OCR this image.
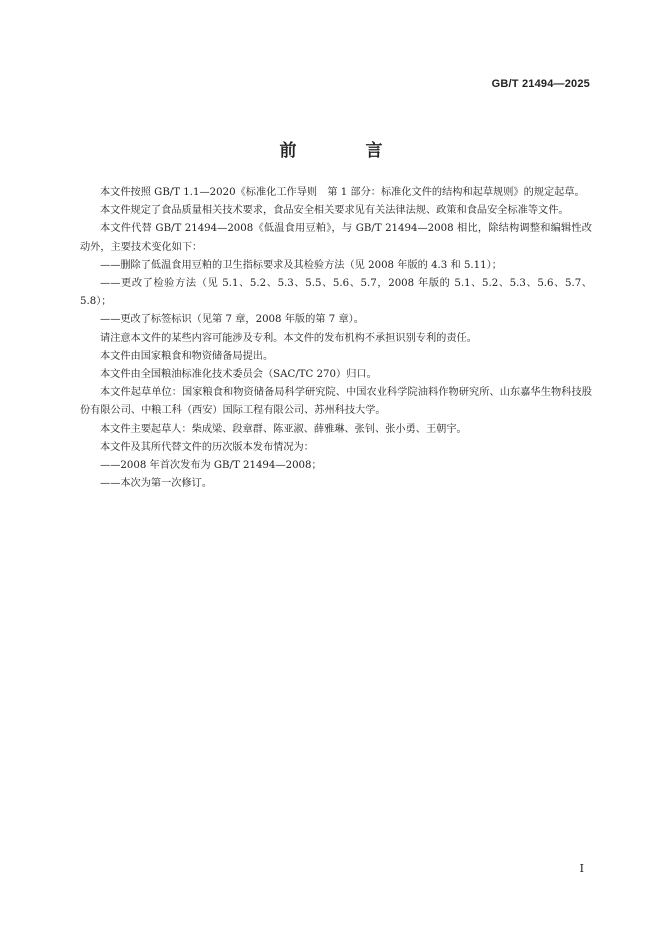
GB/T 21494—2025
前　言

本文件按照 GB/T 1.1—2020《标准化工作导则　第 1 部分：标准化文件的结构和起草规则》的规定起草。

本文件规定了食品质量相关技术要求，食品安全相关要求见有关法律法规、政策和食品安全标准等文件。

本文件代替 GB/T 21494—2008《低温食用豆粕》，与 GB/T 21494—2008 相比，除结构调整和编辑性改动外，主要技术变化如下：

——删除了低温食用豆粕的卫生指标要求及其检验方法（见 2008 年版的 4.3 和 5.11）；

——更改了检验方法（见 5.1、5.2、5.3、5.5、5.6、5.7，2008 年版的 5.1、5.2、5.3、5.6、5.7、5.8）；

——更改了标签标识（见第 7 章，2008 年版的第 7 章）。

请注意本文件的某些内容可能涉及专利。本文件的发布机构不承担识别专利的责任。

本文件由国家粮食和物资储备局提出。

本文件由全国粮油标准化技术委员会（SAC/TC 270）归口。

本文件起草单位：国家粮食和物资储备局科学研究院、中国农业科学院油料作物研究所、山东嘉华生物科技股份有限公司、中粮工科（西安）国际工程有限公司、苏州科技大学。

本文件主要起草人：柴成梁、段章群、陈亚淑、薛雅琳、张钊、张小勇、王朝宇。

本文件及其所代替文件的历次版本发布情况为：

——2008 年首次发布为 GB/T 21494—2008；

——本次为第一次修订。

I
